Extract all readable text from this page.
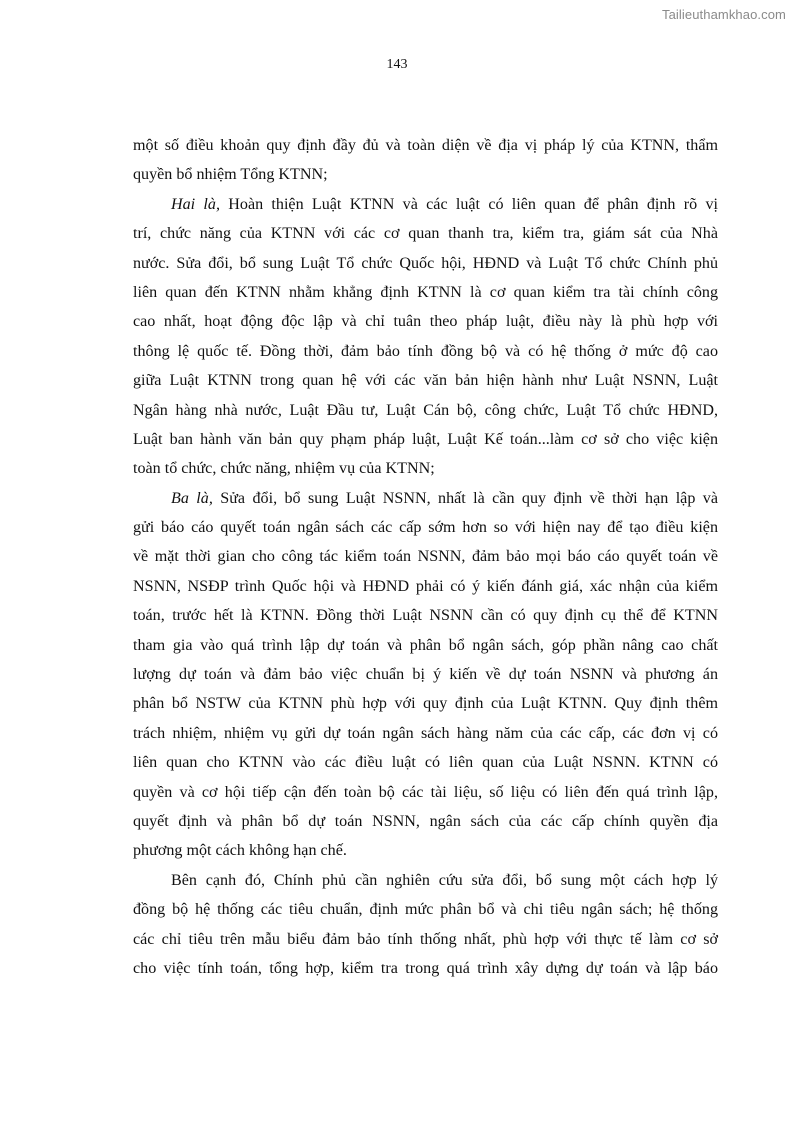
Tailieuthamkhao.com
143
một số điều khoản quy định đầy đủ và toàn diện về địa vị pháp lý của KTNN, thẩm
quyền bổ nhiệm Tổng KTNN;
Hai là, Hoàn thiện Luật KTNN và các luật có liên quan để phân định rõ vị
trí, chức năng của KTNN với các cơ quan thanh tra, kiểm tra, giám sát của Nhà
nước. Sửa đổi, bổ sung Luật Tổ chức Quốc hội, HĐND và Luật Tổ chức Chính phủ
liên quan đến KTNN nhằm khẳng định KTNN là cơ quan kiểm tra tài chính công
cao nhất, hoạt động độc lập và chỉ tuân theo pháp luật, điều này là phù hợp với
thông lệ quốc tế. Đồng thời, đảm bảo tính đồng bộ và có hệ thống ở mức độ cao
giữa Luật KTNN trong quan hệ với các văn bản hiện hành như Luật NSNN, Luật
Ngân hàng nhà nước, Luật Đầu tư, Luật Cán bộ, công chức, Luật Tổ chức HĐND,
Luật ban hành văn bản quy phạm pháp luật, Luật Kế toán...làm cơ sở cho việc kiện
toàn tổ chức, chức năng, nhiệm vụ của KTNN;
Ba là, Sửa đổi, bổ sung Luật NSNN, nhất là cần quy định về thời hạn lập và
gửi báo cáo quyết toán ngân sách các cấp sớm hơn so với hiện nay để tạo điều kiện
về mặt thời gian cho công tác kiểm toán NSNN, đảm bảo mọi báo cáo quyết toán về
NSNN, NSĐP trình Quốc hội và HĐND phải có ý kiến đánh giá, xác nhận của kiểm
toán, trước hết là KTNN. Đồng thời Luật NSNN cần có quy định cụ thể để KTNN
tham gia vào quá trình lập dự toán và phân bổ ngân sách, góp phần nâng cao chất
lượng dự toán và đảm bảo việc chuẩn bị ý kiến về dự toán NSNN và phương án
phân bổ NSTW của KTNN phù hợp với quy định của Luật KTNN. Quy định thêm
trách nhiệm, nhiệm vụ gửi dự toán ngân sách hàng năm của các cấp, các đơn vị có
liên quan cho KTNN vào các điều luật có liên quan của Luật NSNN. KTNN có
quyền và cơ hội tiếp cận đến toàn bộ các tài liệu, số liệu có liên đến quá trình lập,
quyết định và phân bổ dự toán NSNN, ngân sách của các cấp chính quyền địa
phương một cách không hạn chế.
Bên cạnh đó, Chính phủ cần nghiên cứu sửa đổi, bổ sung một cách hợp lý
đồng bộ hệ thống các tiêu chuẩn, định mức phân bổ và chi tiêu ngân sách; hệ thống
các chỉ tiêu trên mẫu biểu đảm bảo tính thống nhất, phù hợp với thực tế làm cơ sở
cho việc tính toán, tổng hợp, kiểm tra trong quá trình xây dựng dự toán và lập báo
